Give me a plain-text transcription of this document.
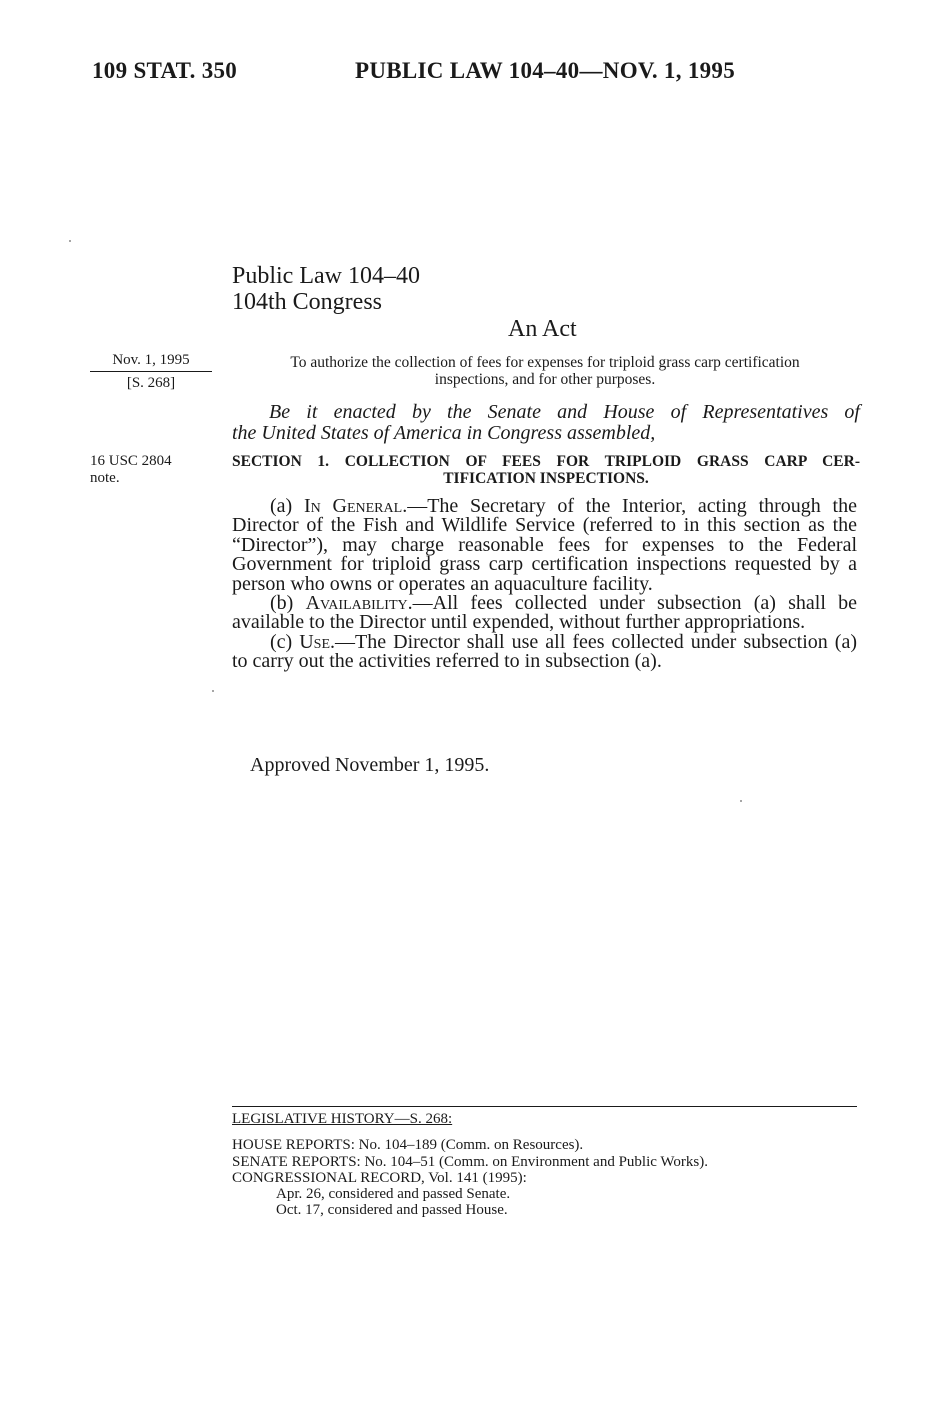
109 STAT. 350	PUBLIC LAW 104–40—NOV. 1, 1995
Public Law 104–40
104th Congress
An Act
Nov. 1, 1995
[S. 268]
16 USC 2804
note.
To authorize the collection of fees for expenses for triploid grass carp certification
inspections, and for other purposes.
Be it enacted by the Senate and House of Representatives of
the United States of America in Congress assembled,
SECTION 1. COLLECTION OF FEES FOR TRIPLOID GRASS CARP CER-
TIFICATION INSPECTIONS.

(a) In General.—The Secretary of the Interior, acting through the Director of the Fish and Wildlife Service (referred to in this section as the “Director”), may charge reasonable fees for expenses to the Federal Government for triploid grass carp certification inspections requested by a person who owns or operates an aquaculture facility.

(b) Availability.—All fees collected under subsection (a) shall be available to the Director until expended, without further appropriations.

(c) Use.—The Director shall use all fees collected under subsection (a) to carry out the activities referred to in subsection (a).

Approved November 1, 1995.
LEGISLATIVE HISTORY—S. 268:
HOUSE REPORTS: No. 104–189 (Comm. on Resources).
SENATE REPORTS: No. 104–51 (Comm. on Environment and Public Works).
CONGRESSIONAL RECORD, Vol. 141 (1995):
Apr. 26, considered and passed Senate.
Oct. 17, considered and passed House.
